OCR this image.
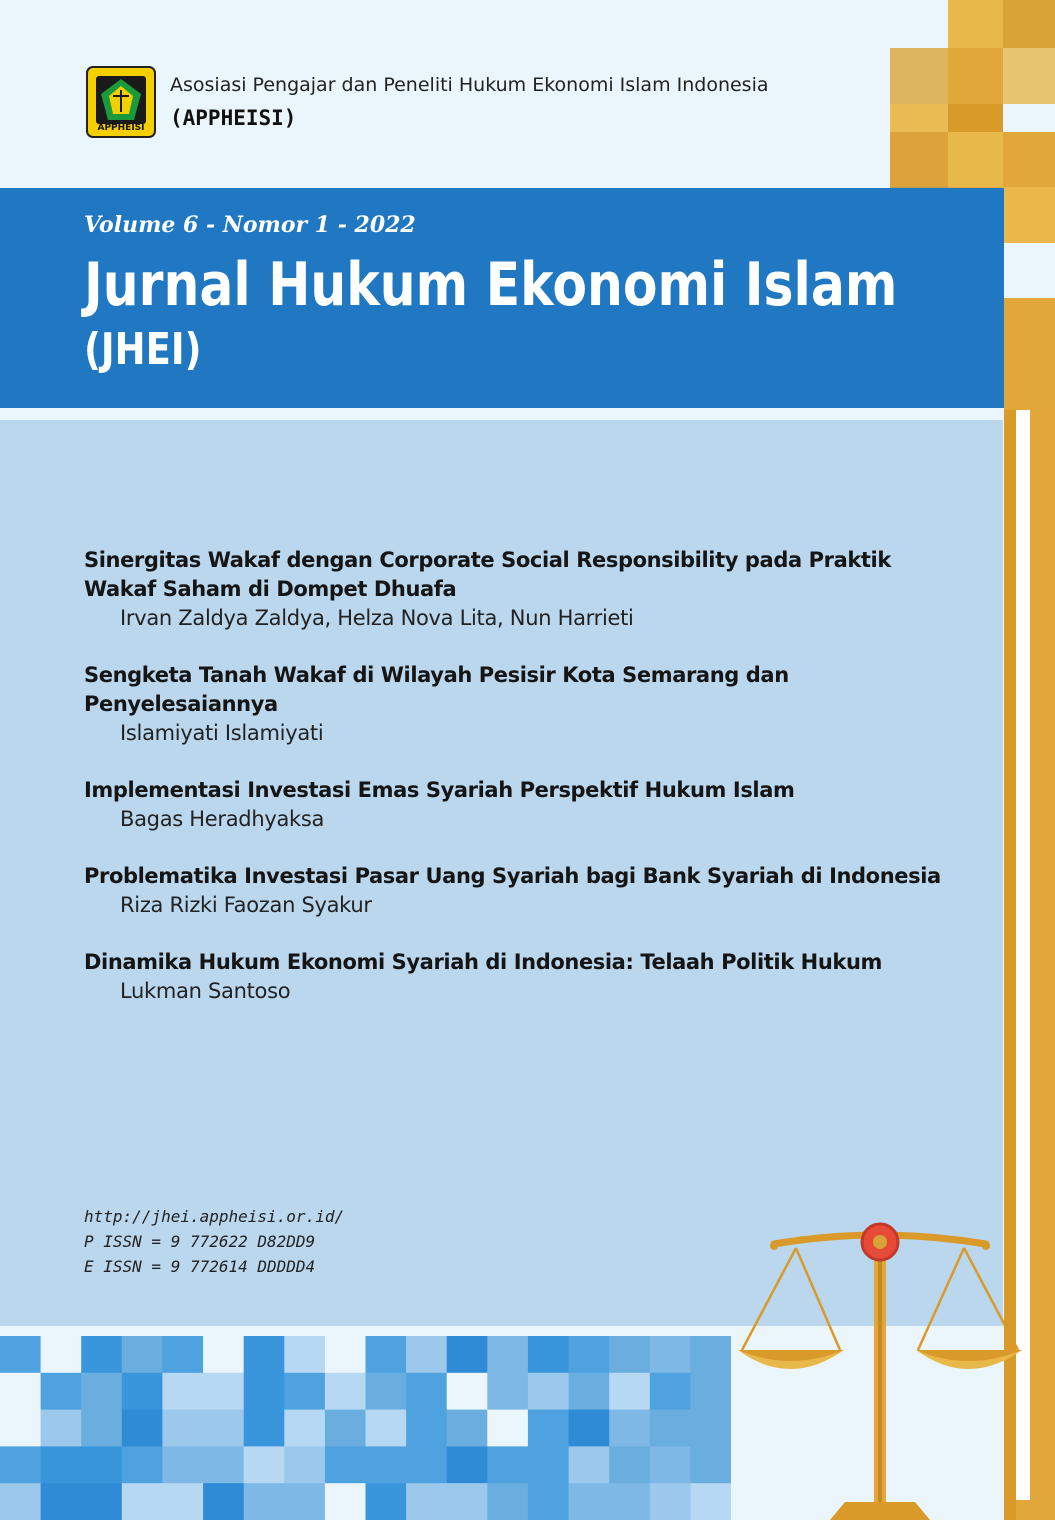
APPHEISI
Asosiasi Pengajar dan Peneliti Hukum Ekonomi Islam Indonesia
(APPHEISI)
Volume 6 - Nomor 1 - 2022
Jurnal Hukum Ekonomi Islam
(JHEI)
Sinergitas Wakaf dengan Corporate Social Responsibility pada Praktik Wakaf Saham di Dompet Dhuafa
Irvan Zaldya Zaldya, Helza Nova Lita, Nun Harrieti
Sengketa Tanah Wakaf di Wilayah Pesisir Kota Semarang dan Penyelesaiannya
Islamiyati Islamiyati
Implementasi Investasi Emas Syariah Perspektif Hukum Islam
Bagas Heradhyaksa
Problematika Investasi Pasar Uang Syariah bagi Bank Syariah di Indonesia
Riza Rizki Faozan Syakur
Dinamika Hukum Ekonomi Syariah di Indonesia: Telaah Politik Hukum
Lukman Santoso
http://jhei.appheisi.or.id/
P ISSN = 9 772622 D82DD9
E ISSN = 9 772614 DDDDD4
